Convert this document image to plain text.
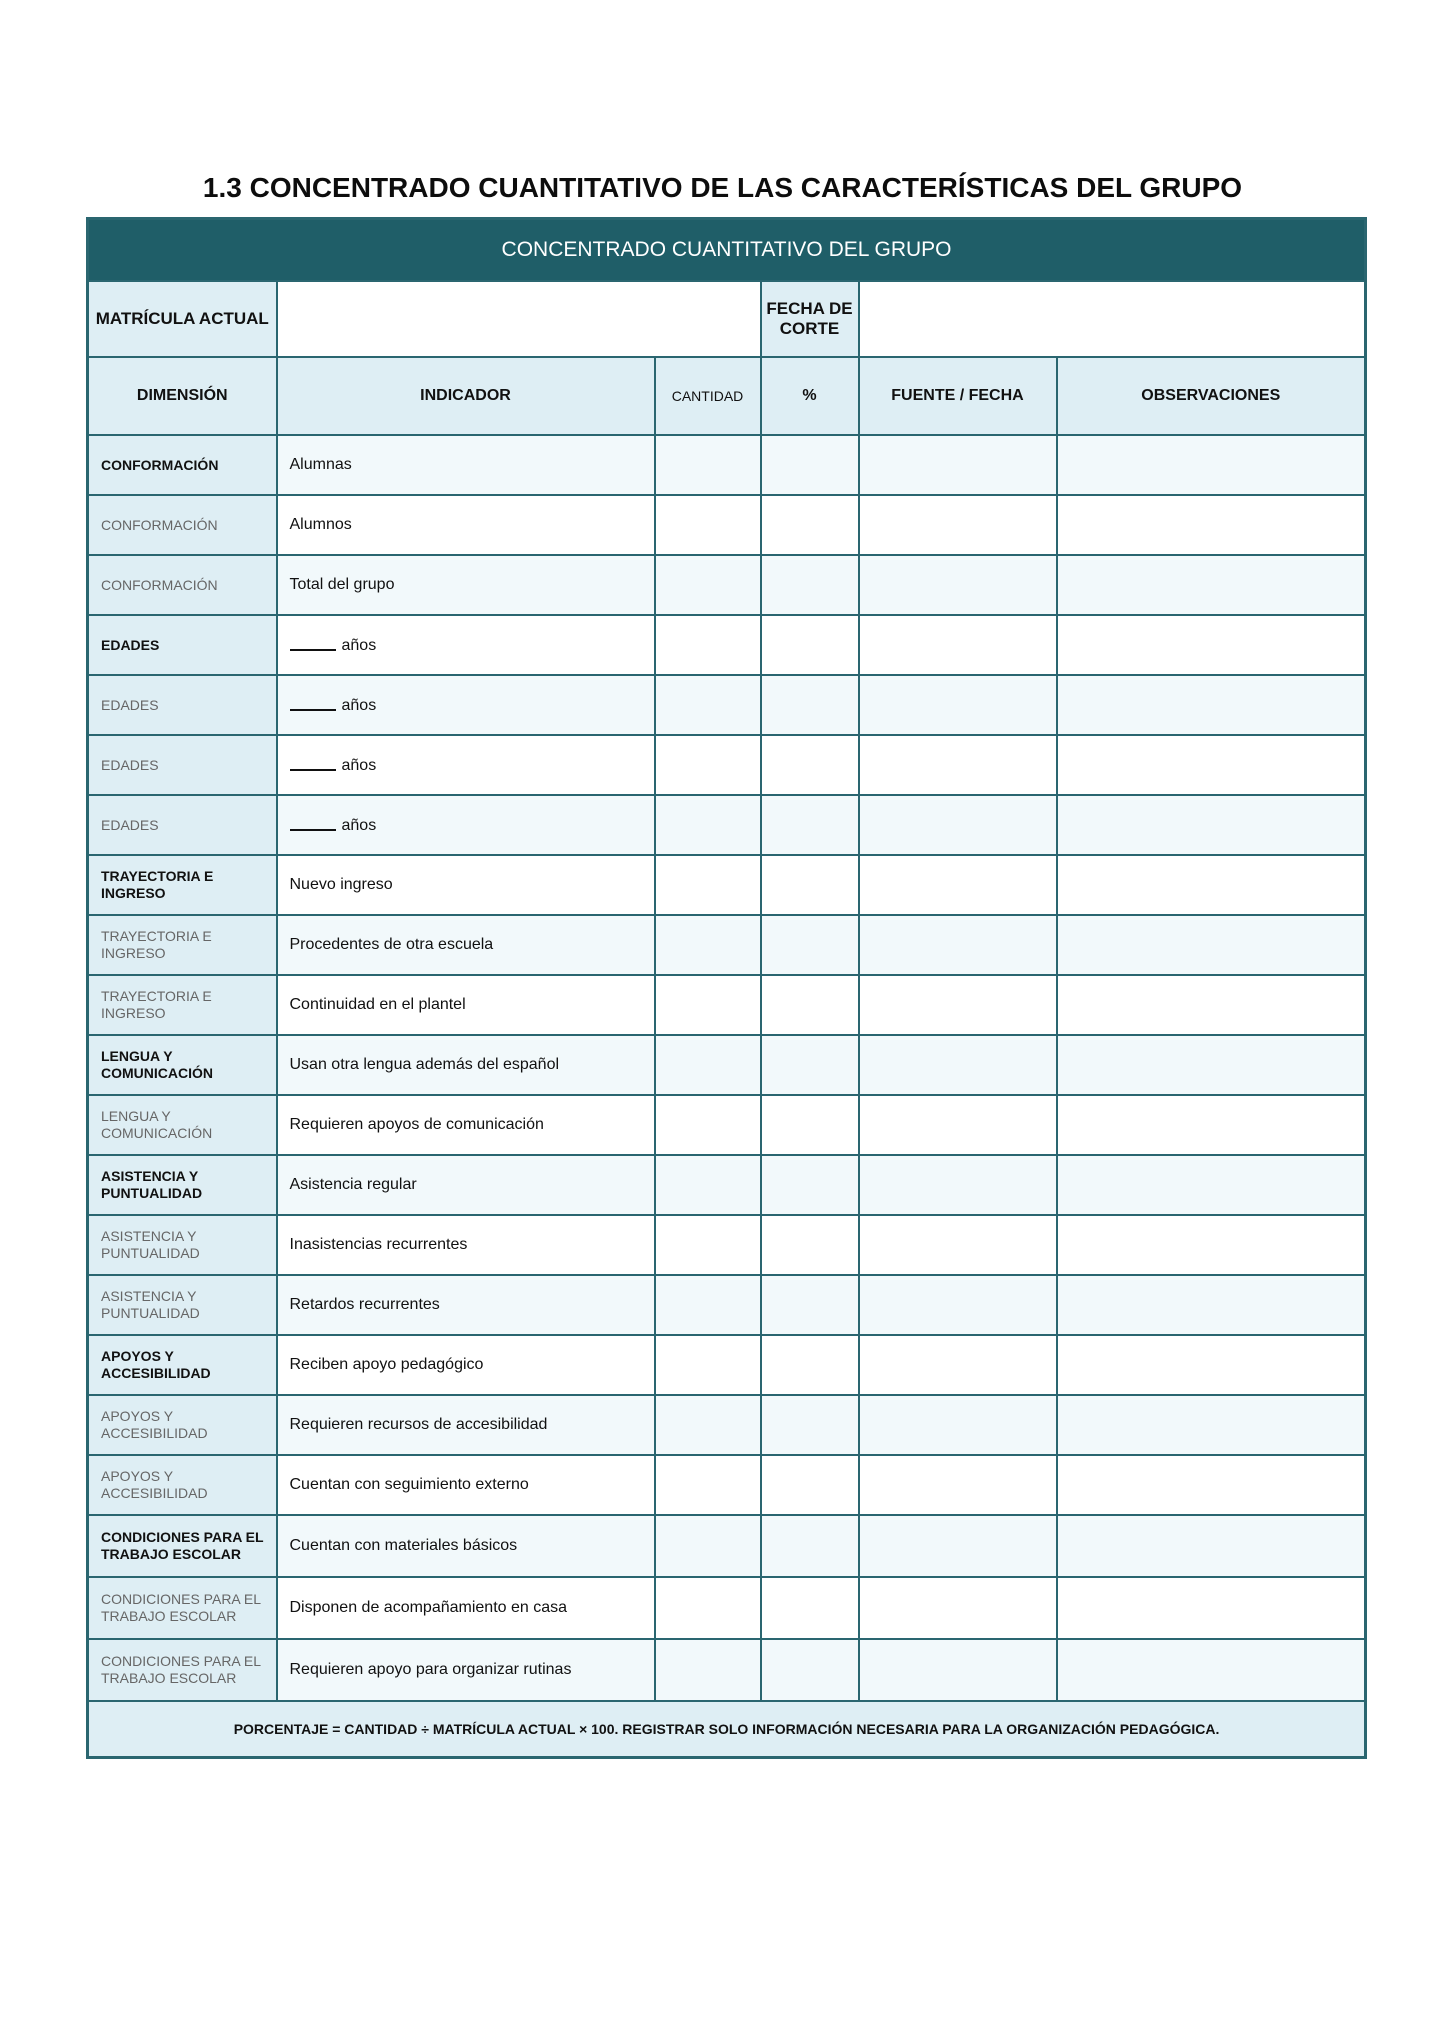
1.3 CONCENTRADO CUANTITATIVO DE LAS CARACTERÍSTICAS DEL GRUPO
CONCENTRADO CUANTITATIVO DEL GRUPO					
MATRÍCULA ACTUAL			FECHA DE CORTE		
DIMENSIÓN	INDICADOR	CANTIDAD	%	FUENTE / FECHA	OBSERVACIONES
CONFORMACIÓN	Alumnas				
CONFORMACIÓN	Alumnos				
CONFORMACIÓN	Total del grupo				
EDADES	años				
EDADES	años				
EDADES	años				
EDADES	años				
TRAYECTORIA E INGRESO	Nuevo ingreso				
TRAYECTORIA E INGRESO	Procedentes de otra escuela				
TRAYECTORIA E INGRESO	Continuidad en el plantel				
LENGUA Y COMUNICACIÓN	Usan otra lengua además del español				
LENGUA Y COMUNICACIÓN	Requieren apoyos de comunicación				
ASISTENCIA Y PUNTUALIDAD	Asistencia regular				
ASISTENCIA Y PUNTUALIDAD	Inasistencias recurrentes				
ASISTENCIA Y PUNTUALIDAD	Retardos recurrentes				
APOYOS Y ACCESIBILIDAD	Reciben apoyo pedagógico				
APOYOS Y ACCESIBILIDAD	Requieren recursos de accesibilidad				
APOYOS Y ACCESIBILIDAD	Cuentan con seguimiento externo				
CONDICIONES PARA EL TRABAJO ESCOLAR	Cuentan con materiales básicos				
CONDICIONES PARA EL TRABAJO ESCOLAR	Disponen de acompañamiento en casa				
CONDICIONES PARA EL TRABAJO ESCOLAR	Requieren apoyo para organizar rutinas				
PORCENTAJE = CANTIDAD ÷ MATRÍCULA ACTUAL × 100. REGISTRAR SOLO INFORMACIÓN NECESARIA PARA LA ORGANIZACIÓN PEDAGÓGICA.					
